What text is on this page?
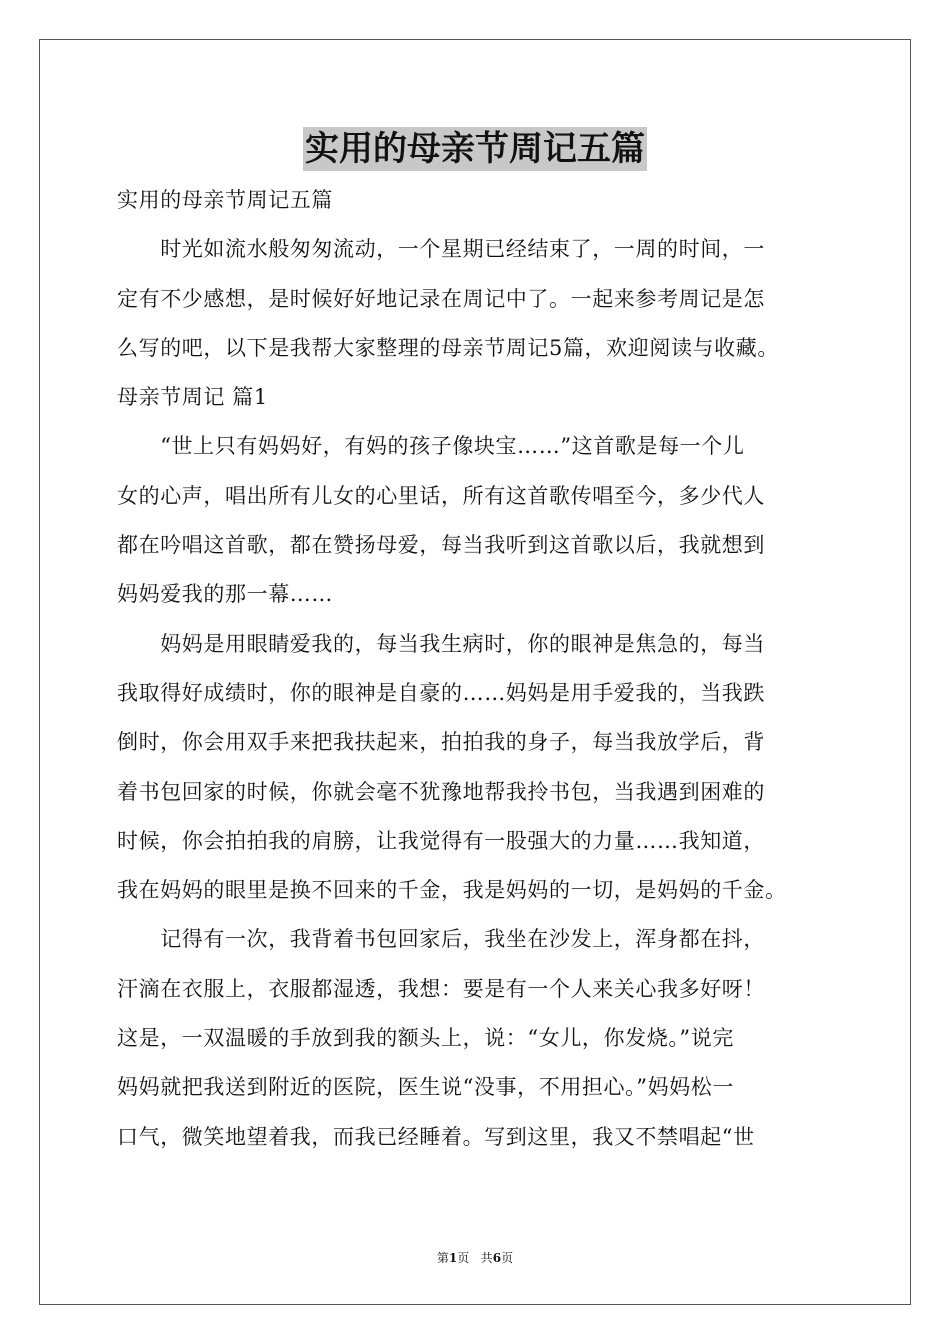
实用的母亲节周记五篇
实用的母亲节周记五篇
　　时光如流水般匆匆流动，一个星期已经结束了，一周的时间，一
定有不少感想，是时候好好地记录在周记中了。一起来参考周记是怎
么写的吧，以下是我帮大家整理的母亲节周记5篇，欢迎阅读与收藏。
母亲节周记 篇1
　　“世上只有妈妈好，有妈的孩子像块宝……”这首歌是每一个儿
女的心声，唱出所有儿女的心里话，所有这首歌传唱至今，多少代人
都在吟唱这首歌，都在赞扬母爱，每当我听到这首歌以后，我就想到
妈妈爱我的那一幕……
　　妈妈是用眼睛爱我的，每当我生病时，你的眼神是焦急的，每当
我取得好成绩时，你的眼神是自豪的……妈妈是用手爱我的，当我跌
倒时，你会用双手来把我扶起来，拍拍我的身子，每当我放学后，背
着书包回家的时候，你就会毫不犹豫地帮我拎书包，当我遇到困难的
时候，你会拍拍我的肩膀，让我觉得有一股强大的力量……我知道，
我在妈妈的眼里是换不回来的千金，我是妈妈的一切，是妈妈的千金。
　　记得有一次，我背着书包回家后，我坐在沙发上，浑身都在抖，
汗滴在衣服上，衣服都湿透，我想：要是有一个人来关心我多好呀！
这是，一双温暖的手放到我的额头上，说：“女儿，你发烧。”说完
妈妈就把我送到附近的医院，医生说“没事，不用担心。”妈妈松一
口气，微笑地望着我，而我已经睡着。写到这里，我又不禁唱起“世
第1页 共6页
